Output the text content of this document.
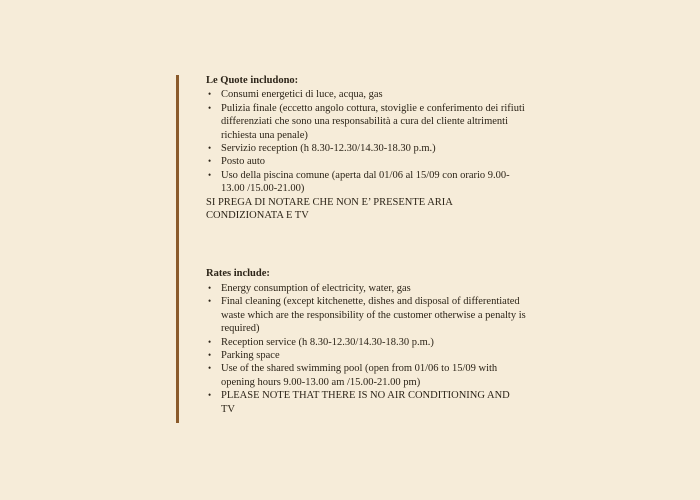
Le Quote includono:

• Consumi energetici di luce, acqua, gas
• Pulizia finale (eccetto angolo cottura, stoviglie e conferimento dei rifiuti differenziati che sono una responsabilità a cura del cliente altrimenti richiesta una penale)
• Servizio reception (h 8.30-12.30/14.30-18.30 p.m.)
• Posto auto
• Uso della piscina comune (aperta dal 01/06 al 15/09 con orario 9.00-13.00 /15.00-21.00)

SI PREGA DI NOTARE CHE NON E’ PRESENTE ARIA CONDIZIONATA E TV

Rates include:

• Energy consumption of electricity, water, gas
• Final cleaning (except kitchenette, dishes and disposal of differentiated waste which are the responsibility of the customer otherwise a penalty is required)
• Reception service (h 8.30-12.30/14.30-18.30 p.m.)
• Parking space
• Use of the shared swimming pool (open from 01/06 to 15/09 with opening hours 9.00-13.00 am /15.00-21.00 pm)
• PLEASE NOTE THAT THERE IS NO AIR CONDITIONING AND TV
